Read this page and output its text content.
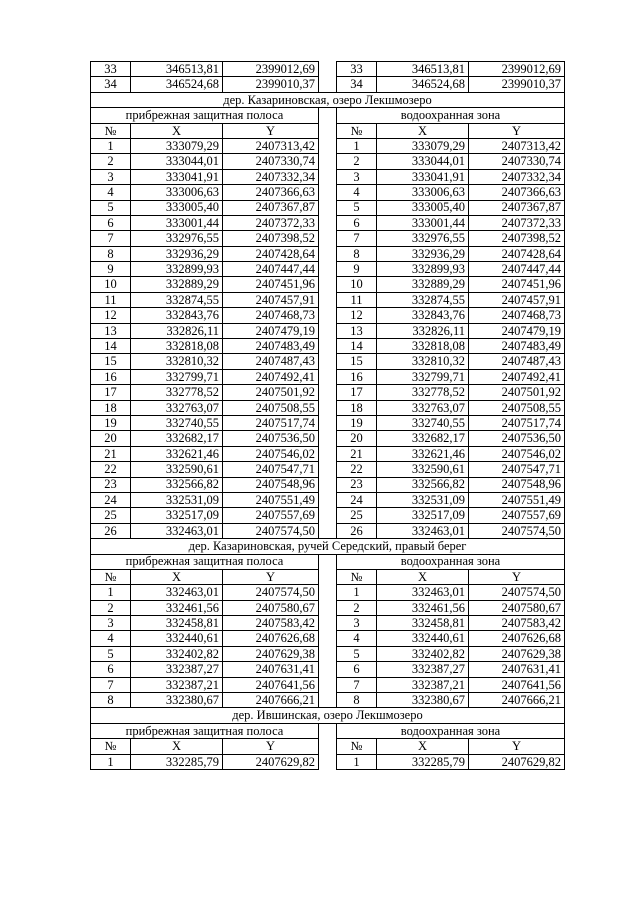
33	346513,81	2399012,69		33	346513,81	2399012,69
34	346524,68	2399010,37		34	346524,68	2399010,37
дер. Казариновская, озеро Лекшмозеро						
прибрежная защитная полоса				водоохранная зона		
№	X	Y		№	X	Y
1	333079,29	2407313,42		1	333079,29	2407313,42
2	333044,01	2407330,74		2	333044,01	2407330,74
3	333041,91	2407332,34		3	333041,91	2407332,34
4	333006,63	2407366,63		4	333006,63	2407366,63
5	333005,40	2407367,87		5	333005,40	2407367,87
6	333001,44	2407372,33		6	333001,44	2407372,33
7	332976,55	2407398,52		7	332976,55	2407398,52
8	332936,29	2407428,64		8	332936,29	2407428,64
9	332899,93	2407447,44		9	332899,93	2407447,44
10	332889,29	2407451,96		10	332889,29	2407451,96
11	332874,55	2407457,91		11	332874,55	2407457,91
12	332843,76	2407468,73		12	332843,76	2407468,73
13	332826,11	2407479,19		13	332826,11	2407479,19
14	332818,08	2407483,49		14	332818,08	2407483,49
15	332810,32	2407487,43		15	332810,32	2407487,43
16	332799,71	2407492,41		16	332799,71	2407492,41
17	332778,52	2407501,92		17	332778,52	2407501,92
18	332763,07	2407508,55		18	332763,07	2407508,55
19	332740,55	2407517,74		19	332740,55	2407517,74
20	332682,17	2407536,50		20	332682,17	2407536,50
21	332621,46	2407546,02		21	332621,46	2407546,02
22	332590,61	2407547,71		22	332590,61	2407547,71
23	332566,82	2407548,96		23	332566,82	2407548,96
24	332531,09	2407551,49		24	332531,09	2407551,49
25	332517,09	2407557,69		25	332517,09	2407557,69
26	332463,01	2407574,50		26	332463,01	2407574,50
дер. Казариновская, ручей Середский, правый берег						
прибрежная защитная полоса				водоохранная зона		
№	X	Y		№	X	Y
1	332463,01	2407574,50		1	332463,01	2407574,50
2	332461,56	2407580,67		2	332461,56	2407580,67
3	332458,81	2407583,42		3	332458,81	2407583,42
4	332440,61	2407626,68		4	332440,61	2407626,68
5	332402,82	2407629,38		5	332402,82	2407629,38
6	332387,27	2407631,41		6	332387,27	2407631,41
7	332387,21	2407641,56		7	332387,21	2407641,56
8	332380,67	2407666,21		8	332380,67	2407666,21
дер. Ившинская, озеро Лекшмозеро						
прибрежная защитная полоса				водоохранная зона		
№	X	Y		№	X	Y
1	332285,79	2407629,82		1	332285,79	2407629,82
